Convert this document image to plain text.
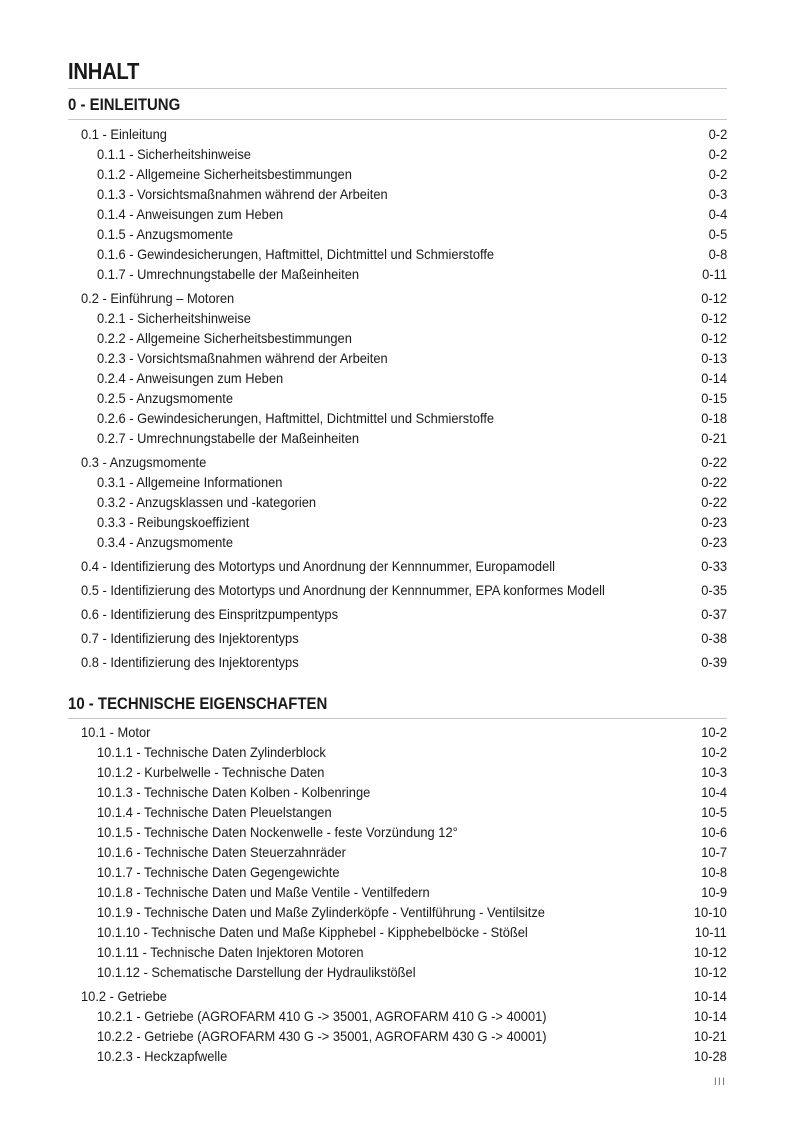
INHALT
0 - EINLEITUNG
0.1 - Einleitung	0-2
0.1.1 - Sicherheitshinweise	0-2
0.1.2 - Allgemeine Sicherheitsbestimmungen	0-2
0.1.3 - Vorsichtsmaßnahmen während der Arbeiten	0-3
0.1.4 - Anweisungen zum Heben	0-4
0.1.5 - Anzugsmomente	0-5
0.1.6 - Gewindesicherungen, Haftmittel, Dichtmittel und Schmierstoffe	0-8
0.1.7 - Umrechnungstabelle der Maßeinheiten	0-11
0.2 - Einführung – Motoren	0-12
0.2.1 - Sicherheitshinweise	0-12
0.2.2 - Allgemeine Sicherheitsbestimmungen	0-12
0.2.3 - Vorsichtsmaßnahmen während der Arbeiten	0-13
0.2.4 - Anweisungen zum Heben	0-14
0.2.5 - Anzugsmomente	0-15
0.2.6 - Gewindesicherungen, Haftmittel, Dichtmittel und Schmierstoffe	0-18
0.2.7 - Umrechnungstabelle der Maßeinheiten	0-21
0.3 - Anzugsmomente	0-22
0.3.1 - Allgemeine Informationen	0-22
0.3.2 - Anzugsklassen und -kategorien	0-22
0.3.3 - Reibungskoeffizient	0-23
0.3.4 - Anzugsmomente	0-23
0.4 - Identifizierung des Motortyps und Anordnung der Kennnummer, Europamodell	0-33
0.5 - Identifizierung des Motortyps und Anordnung der Kennnummer, EPA konformes Modell	0-35
0.6 - Identifizierung des Einspritzpumpentyps	0-37
0.7 - Identifizierung des Injektorentyps	0-38
0.8 - Identifizierung des Injektorentyps	0-39
10 - TECHNISCHE EIGENSCHAFTEN
10.1 - Motor	10-2
10.1.1 - Technische Daten Zylinderblock	10-2
10.1.2 - Kurbelwelle - Technische Daten	10-3
10.1.3 - Technische Daten Kolben - Kolbenringe	10-4
10.1.4 - Technische Daten Pleuelstangen	10-5
10.1.5 - Technische Daten Nockenwelle - feste Vorzündung 12°	10-6
10.1.6 - Technische Daten Steuerzahnräder	10-7
10.1.7 - Technische Daten Gegengewichte	10-8
10.1.8 - Technische Daten und Maße Ventile - Ventilfedern	10-9
10.1.9 - Technische Daten und Maße Zylinderköpfe - Ventilführung - Ventilsitze	10-10
10.1.10 - Technische Daten und Maße Kipphebel - Kipphebelböcke - Stößel	10-11
10.1.11 - Technische Daten Injektoren Motoren	10-12
10.1.12 - Schematische Darstellung der Hydraulikstößel	10-12
10.2 - Getriebe	10-14
10.2.1 - Getriebe (AGROFARM 410 G -> 35001, AGROFARM 410 G -> 40001)	10-14
10.2.2 - Getriebe (AGROFARM 430 G -> 35001, AGROFARM 430 G -> 40001)	10-21
10.2.3 - Heckzapfwelle	10-28
III
